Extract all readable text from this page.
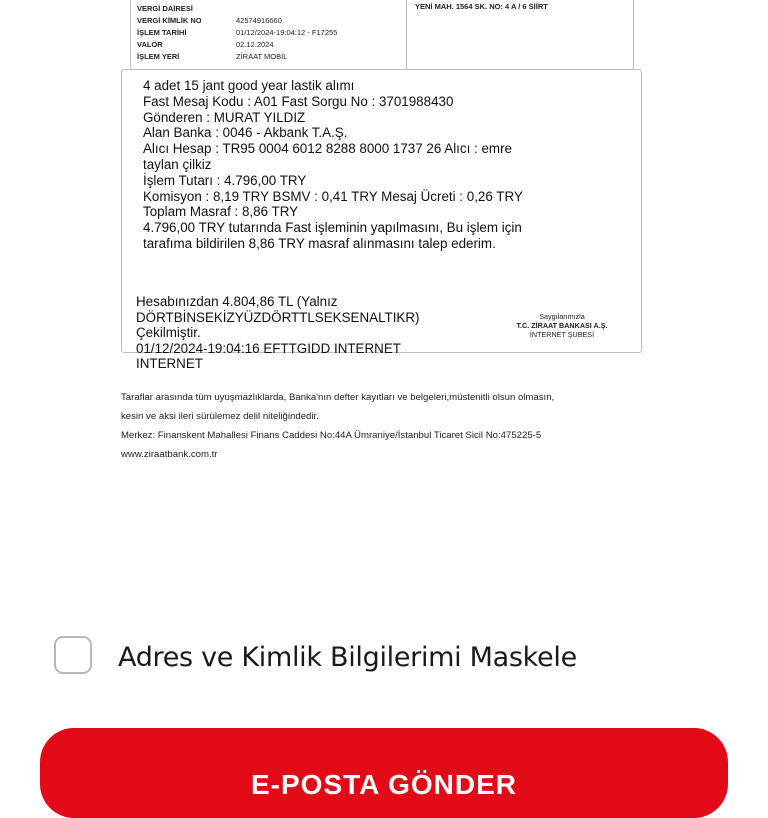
VERGİ DAİRESİ
VERGİ KİMLİK NO	42574916660
İŞLEM TARİHİ	01/12/2024-19:04:12 - F17255
VALÖR	02.12.2024
İŞLEM YERİ	ZİRAAT MOBİL
YENİ MAH. 1564 SK. NO: 4 A / 6 SİİRT
4 adet 15 jant good year lastik alımı
Fast Mesaj Kodu : A01 Fast Sorgu No : 3701988430
Gönderen : MURAT YILDIZ
Alan Banka : 0046 - Akbank T.A.Ş.
Alıcı Hesap : TR95 0004 6012 8288 8000 1737 26 Alıcı : emre
taylan çilkiz
İşlem Tutarı : 4.796,00 TRY
Komisyon : 8,19 TRY BSMV : 0,41 TRY Mesaj Ücreti : 0,26 TRY
Toplam Masraf : 8,86 TRY
4.796,00 TRY tutarında Fast işleminin yapılmasını, Bu işlem için
tarafıma bildirilen 8,86 TRY masraf alınmasını talep ederim.
Hesabınızdan 4.804,86 TL (Yalnız
DÖRTBİNSEKİZYÜZDÖRTTLSEKSENALTIKR)
Çekilmiştir.
01/12/2024-19:04:16 EFTTGIDD INTERNET
INTERNET
Saygılarımızla
T.C. ZİRAAT BANKASI A.Ş.
İNTERNET ŞUBESİ
Taraflar arasında tüm uyuşmazlıklarda, Banka'nın defter kayıtları ve belgeleri,müstenitli olsun olmasın,
kesin ve aksi ileri sürülemez delil niteliğindedir.
Merkez: Finanskent Mahallesi Finans Caddesi No:44A Ümraniye/İstanbul Ticaret Sicil No:475225-5
www.ziraatbank.com.tr
Adres ve Kimlik Bilgilerimi Maskele
E-POSTA GÖNDER
